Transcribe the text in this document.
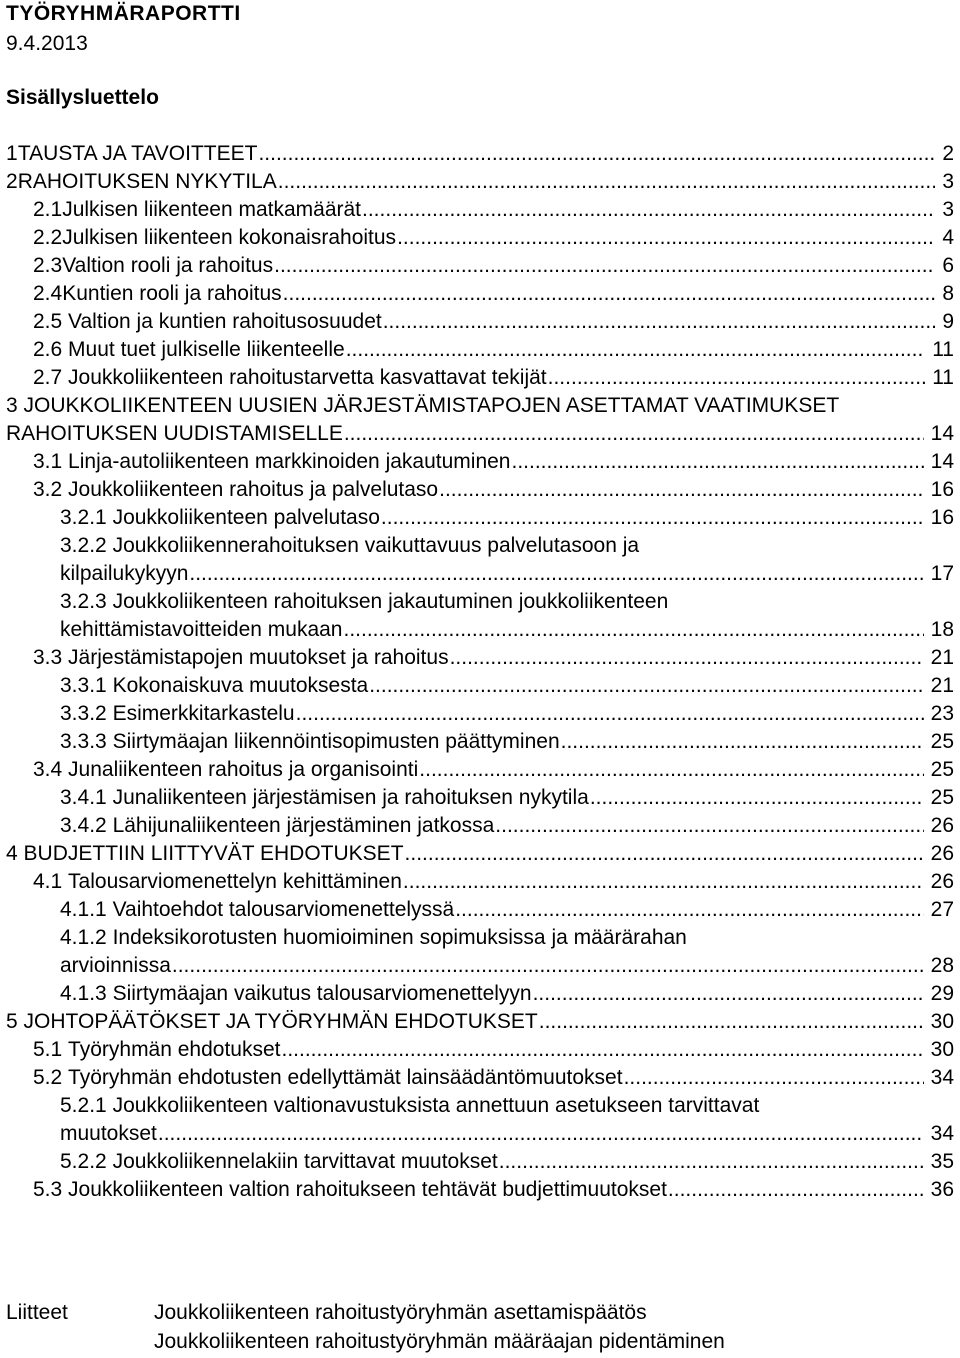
TYÖRYHMÄRAPORTTI
9.4.2013
Sisällysluettelo
1 TAUSTA JA TAVOITTEET .....
	2
2 RAHOITUKSEN NYKYTILA .....
	3
2.1 Julkisen liikenteen matkamäärät .....
	3
2.2 Julkisen liikenteen kokonaisrahoitus .....
	4
2.3 Valtion rooli ja rahoitus .....
	6
2.4 Kuntien rooli ja rahoitus .....
	8
2.5
Valtion ja kuntien rahoitusosuudet .....
	9
2.6
Muut tuet julkiselle liikenteelle .....
	11
2.7
Joukkoliikenteen rahoitustarvetta kasvattavat tekijät .....
	11
3
JOUKKOLIIKENTEEN UUSIEN JÄRJESTÄMISTAPOJEN ASETTAMAT VAATIMUKSET
RAHOITUKSEN UUDISTAMISELLE .....
	14
3.1
Linja-autoliikenteen markkinoiden jakautuminen .....
	14
3.2
Joukkoliikenteen rahoitus ja palvelutaso .....
	16
3.2.1
Joukkoliikenteen palvelutaso .....
	16
3.2.2
Joukkoliikennerahoituksen vaikuttavuus palvelutasoon ja
kilpailukykyyn .....
	17
3.2.3
Joukkoliikenteen rahoituksen jakautuminen joukkoliikenteen
kehittämistavoitteiden mukaan .....
	18
3.3
Järjestämistapojen muutokset ja rahoitus .....
	21
3.3.1
Kokonaiskuva muutoksesta .....
	21
3.3.2
Esimerkkitarkastelu .....
	23
3.3.3
Siirtymäajan liikennöintisopimusten päättyminen .....
	25
3.4
Junaliikenteen rahoitus ja organisointi .....
	25
3.4.1
Junaliikenteen järjestämisen ja rahoituksen nykytila .....
	25
3.4.2
Lähijunaliikenteen järjestäminen jatkossa .....
	26
4
BUDJETTIIN LIITTYVÄT EHDOTUKSET .....
	26
4.1
Talousarviomenettelyn kehittäminen .....
	26
4.1.1
Vaihtoehdot talousarviomenettelyssä .....
	27
4.1.2
Indeksikorotusten huomioiminen sopimuksissa ja määrärahan
arvioinnissa .....
	28
4.1.3
Siirtymäajan vaikutus talousarviomenettelyyn .....
	29
5
JOHTOPÄÄTÖKSET JA TYÖRYHMÄN EHDOTUKSET .....
	30
5.1
Työryhmän ehdotukset .....
	30
5.2
Työryhmän ehdotusten edellyttämät lainsäädäntömuutokset .....
	34
5.2.1
Joukkoliikenteen valtionavustuksista annettuun asetukseen tarvittavat
muutokset .....
	34
5.2.2
Joukkoliikennelakiin tarvittavat muutokset .....
	35
5.3
Joukkoliikenteen valtion rahoitukseen tehtävät budjettimuutokset .....
	36
Liitteet	Joukkoliikenteen rahoitustyöryhmän asettamispäätös
Joukkoliikenteen rahoitustyöryhmän määräajan pidentäminen
